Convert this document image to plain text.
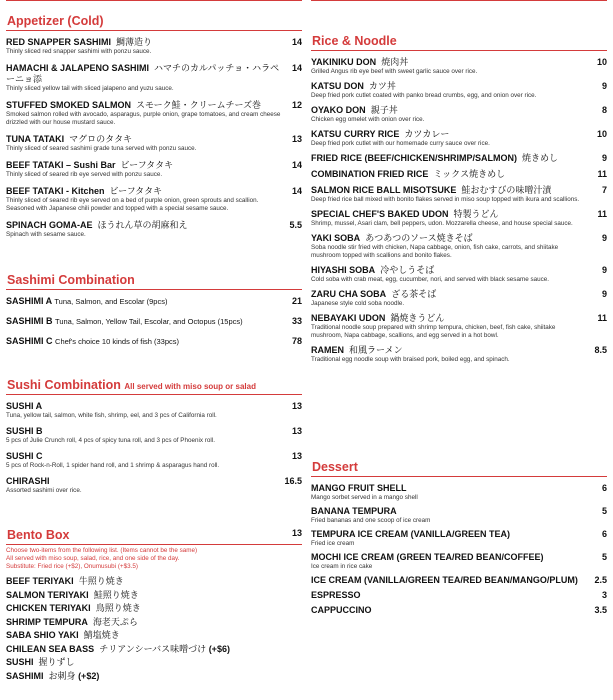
Appetizer (Cold)
RED SNAPPER SASHIMI 鯛薄造り
Thinly sliced red snapper sashimi with ponzu sauce.
14
HAMACHI & JALAPENO SASHIMI ハマチのカルパッチョ・ハラペーニョ添
Thinly sliced yellow tail with sliced jalapeno and yuzu sauce.
14
STUFFED SMOKED SALMON スモーク鮭・クリームチーズ巻
Smoked salmon rolled with avocado, asparagus, purple onion, grape tomatoes, and cream cheese drizzled with our house mustard sauce.
12
TUNA TATAKI マグロのタタキ
Thinly sliced of seared sashimi grade tuna served with ponzu sauce.
13
BEEF TATAKI – Sushi Bar ビーフタタキ
Thinly sliced of seared rib eye served with ponzu sauce.
14
BEEF TATAKI - Kitchen ビーフタタキ
Thinly sliced of seared rib eye served on a bed of purple onion, green sprouts and scallion. Seasoned with Japanese chili powder and topped with a special sesame sauce.
14
SPINACH GOMA-AE ほうれん草の胡麻和え
Spinach with sesame sauce.
5.5
Sashimi Combination
SASHIMI A Tuna, Salmon, and Escolar (9pcs)	21
SASHIMI B Tuna, Salmon, Yellow Tail, Escolar, and Octopus (15pcs)	33
SASHIMI C Chef's choice 10 kinds of fish (33pcs)	78
Sushi Combination All served with miso soup or salad
SUSHI A
Tuna, yellow tail, salmon, white fish, shrimp, eel, and 3 pcs of California roll.
13
SUSHI B
5 pcs of Julie Crunch roll, 4 pcs of spicy tuna roll, and 3 pcs of Phoenix roll.
13
SUSHI C
5 pcs of Rock-n-Roll, 1 spider hand roll, and 1 shrimp & asparagus hand roll.
13
CHIRASHI
Assorted sashimi over rice.
16.5
Bento Box	13
Choose two-items from the following list. (Items cannot be the same) All served with miso soup, salad, rice, and one side of the day. Substitute: Fried rice (+$2), Onumusubi (+$3.5)
BEEF TERIYAKI 牛照り焼き
SALMON TERIYAKI 鮭照り焼き
CHICKEN TERIYAKI 鳥照り焼き
SHRIMP TEMPURA 海老天ぷら
SABA SHIO YAKI 鯖塩焼き
CHILEAN SEA BASS チリアンシーバス味噌づけ (+$6)
SUSHI 握りずし
SASHIMI お刺身 (+$2)
Rice & Noodle
YAKINIKU DON 焼肉丼
Grilled Angus rib eye beef with sweet garlic sauce over rice.
10
KATSU DON カツ丼
Deep fried pork cutlet coated with panko bread crumbs, egg, and onion over rice.
9
OYAKO DON 親子丼
Chicken egg omelet with onion over rice.
8
KATSU CURRY RICE カツカレー
Deep fried pork cutlet with our homemade curry sauce over rice.
10
FRIED RICE (BEEF/CHICKEN/SHRIMP/SALMON) 焼きめし	9
COMBINATION FRIED RICE ミックス焼きめし	11
SALMON RICE BALL MISOTSUKE 鮭おむすびの味噌汁漬
Deep fried rice ball mixed with bonito flakes served in miso soup topped with ikura and scallions.
7
SPECIAL CHEF'S BAKED UDON 特製うどん
Shrimp, mussel, Asari clam, bell peppers, udon. Mozzarella cheese, and house special sauce.
11
YAKI SOBA あつあつのソース焼きそば
Soba noodle stir fried with chicken, Napa cabbage, onion, fish cake, carrots, and shiitake mushroom topped with scallions and bonito flakes.
9
HIYASHI SOBA 冷やしうそば
Cold soba with crab meat, egg, cucumber, nori, and served with black sesame sauce.
9
ZARU CHA SOBA ざる茶そば
Japanese style cold soba noodle.
9
NEBAYAKI UDON 鍋焼きうどん
Traditional noodle soup prepared with shrimp tempura, chicken, beef, fish cake, shiitake mushroom, Napa cabbage, scallions, and egg served in a hot bowl.
11
RAMEN 和風ラーメン
Traditional egg noodle soup with braised pork, boiled egg, and spinach.
8.5
Dessert
MANGO FRUIT SHELL
Mango sorbet served in a mango shell
6
BANANA TEMPURA
Fried bananas and one scoop of ice cream
5
TEMPURA ICE CREAM (VANILLA/GREEN TEA)
Fried ice cream
6
MOCHI ICE CREAM (GREEN TEA/RED BEAN/COFFEE)
Ice cream in rice cake
5
ICE CREAM (VANILLA/GREEN TEA/RED BEAN/MANGO/PLUM)	2.5
ESPRESSO	3
CAPPUCCINO	3.5
